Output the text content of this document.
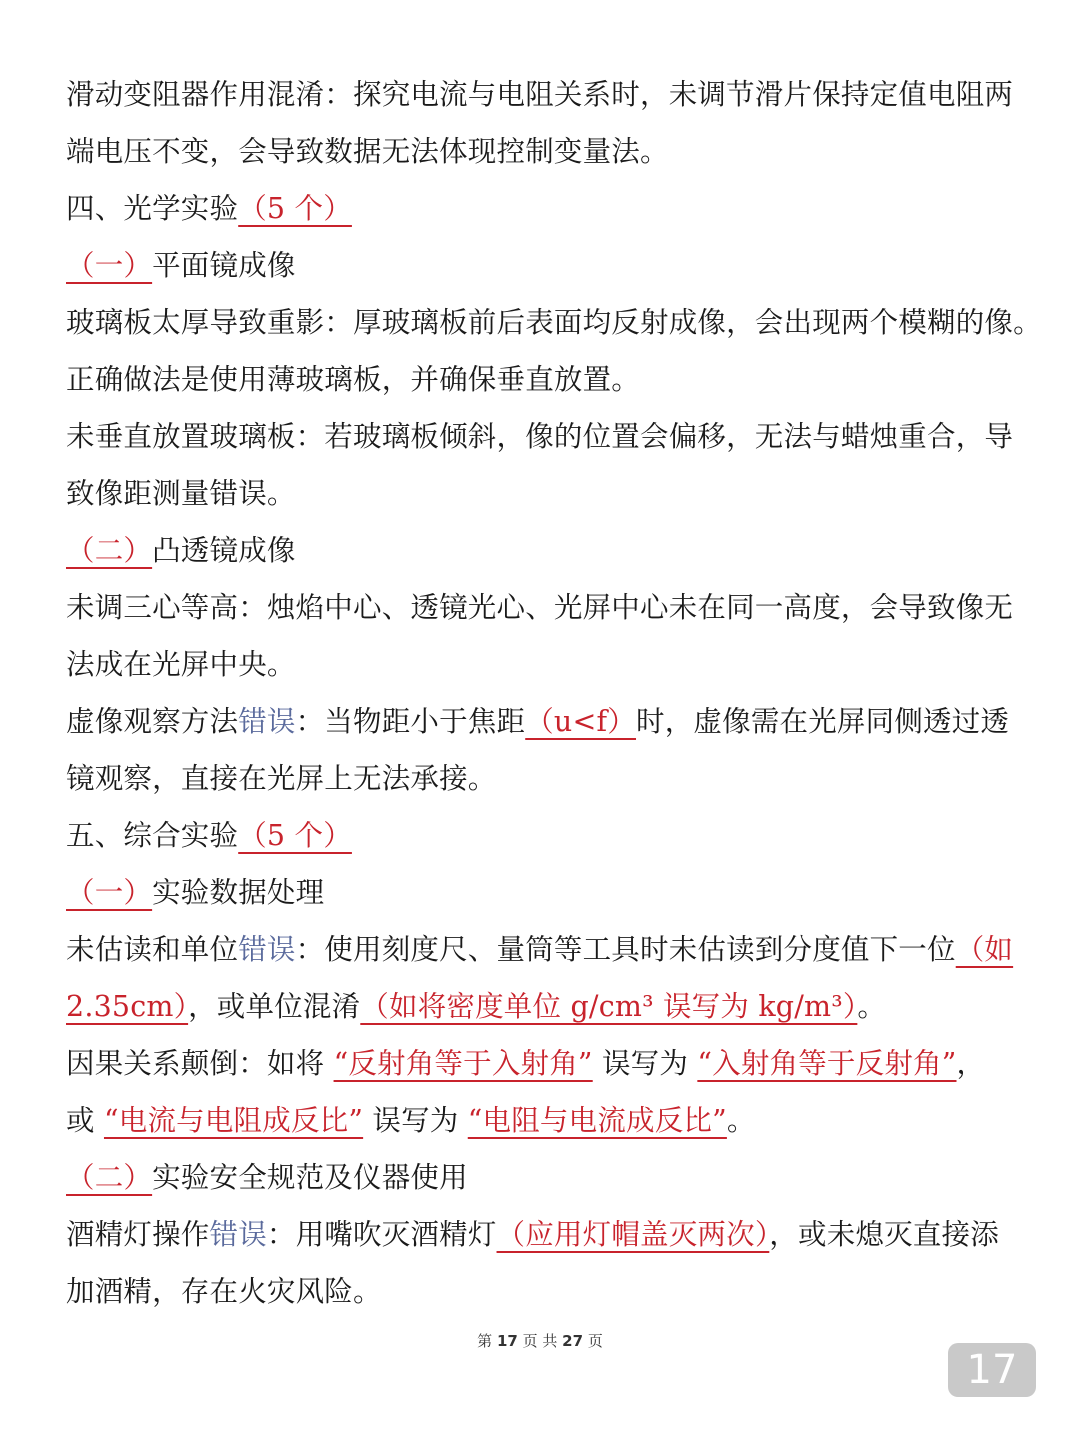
滑动变阻器作用混淆：探究电流与电阻关系时，未调节滑片保持定值电阻两
端电压不变，会导致数据无法体现控制变量法。
四、光学实验（5 个）
（一）平面镜成像
玻璃板太厚导致重影：厚玻璃板前后表面均反射成像，会出现两个模糊的像。
正确做法是使用薄玻璃板，并确保垂直放置。
未垂直放置玻璃板：若玻璃板倾斜，像的位置会偏移，无法与蜡烛重合，导
致像距测量错误。
（二）凸透镜成像
未调三心等高：烛焰中心、透镜光心、光屏中心未在同一高度，会导致像无
法成在光屏中央。
虚像观察方法错误：当物距小于焦距（u<f）时，虚像需在光屏同侧透过透
镜观察，直接在光屏上无法承接。
五、综合实验（5 个）
（一）实验数据处理
未估读和单位错误：使用刻度尺、量筒等工具时未估读到分度值下一位（如
2.35cm），或单位混淆（如将密度单位 g/cm³ 误写为 kg/m³）。
因果关系颠倒：如将 “反射角等于入射角” 误写为 “入射角等于反射角”，
或 “电流与电阻成反比” 误写为 “电阻与电流成反比”。
（二）实验安全规范及仪器使用
酒精灯操作错误：用嘴吹灭酒精灯（应用灯帽盖灭两次），或未熄灭直接添
加酒精，存在火灾风险。
第 17 页 共 27 页
17
